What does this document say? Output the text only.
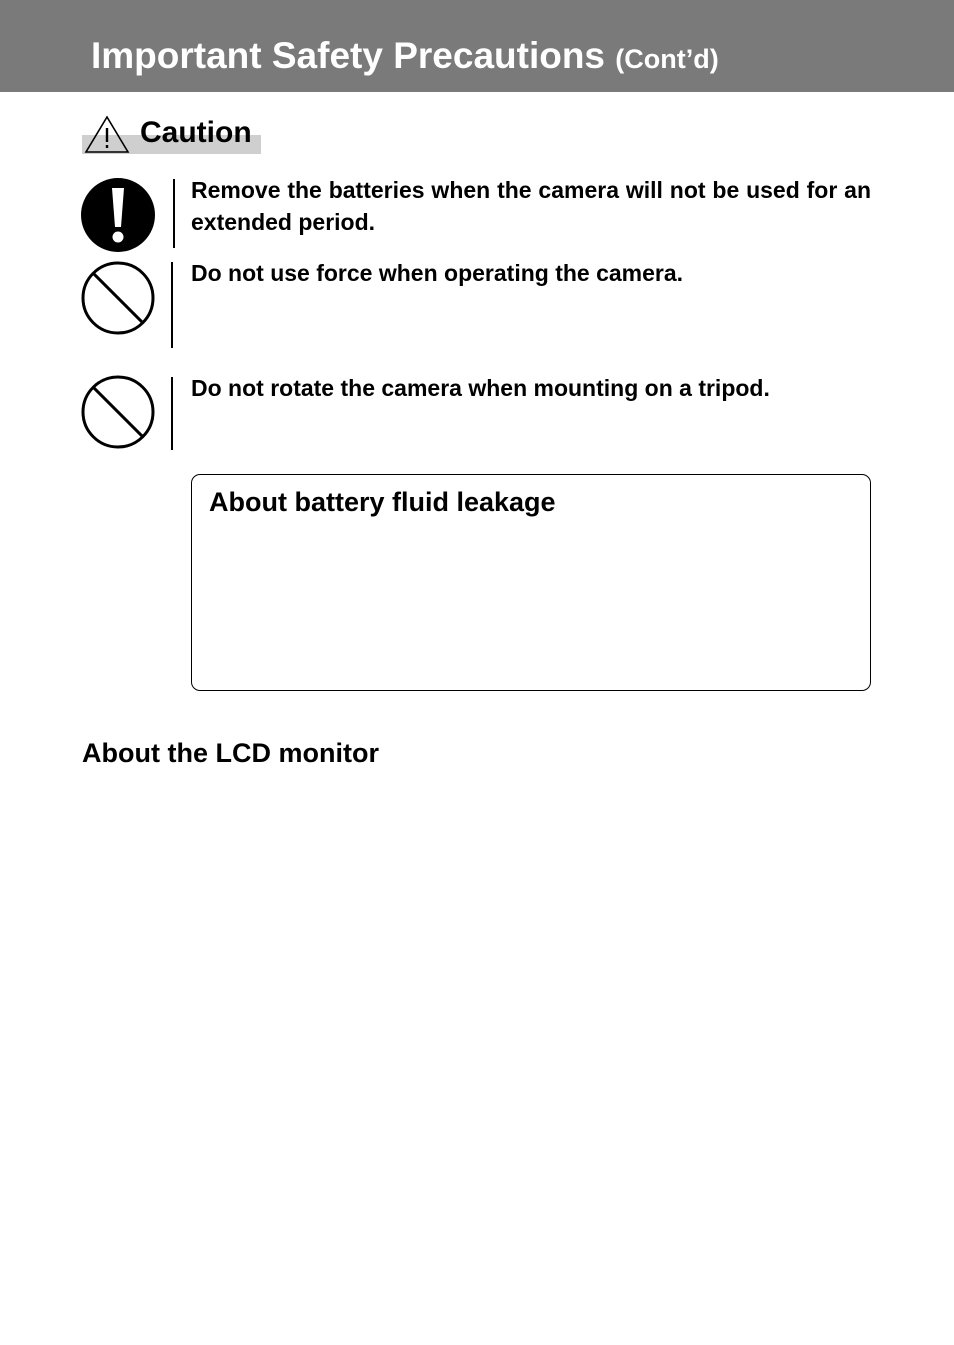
Important Safety Precautions (Cont’d)
Caution
Remove the batteries when the camera will not be used for an extended period.
Do not use force when operating the camera.
Do not rotate the camera when mounting on a tripod.
About battery fluid leakage
About the LCD monitor
